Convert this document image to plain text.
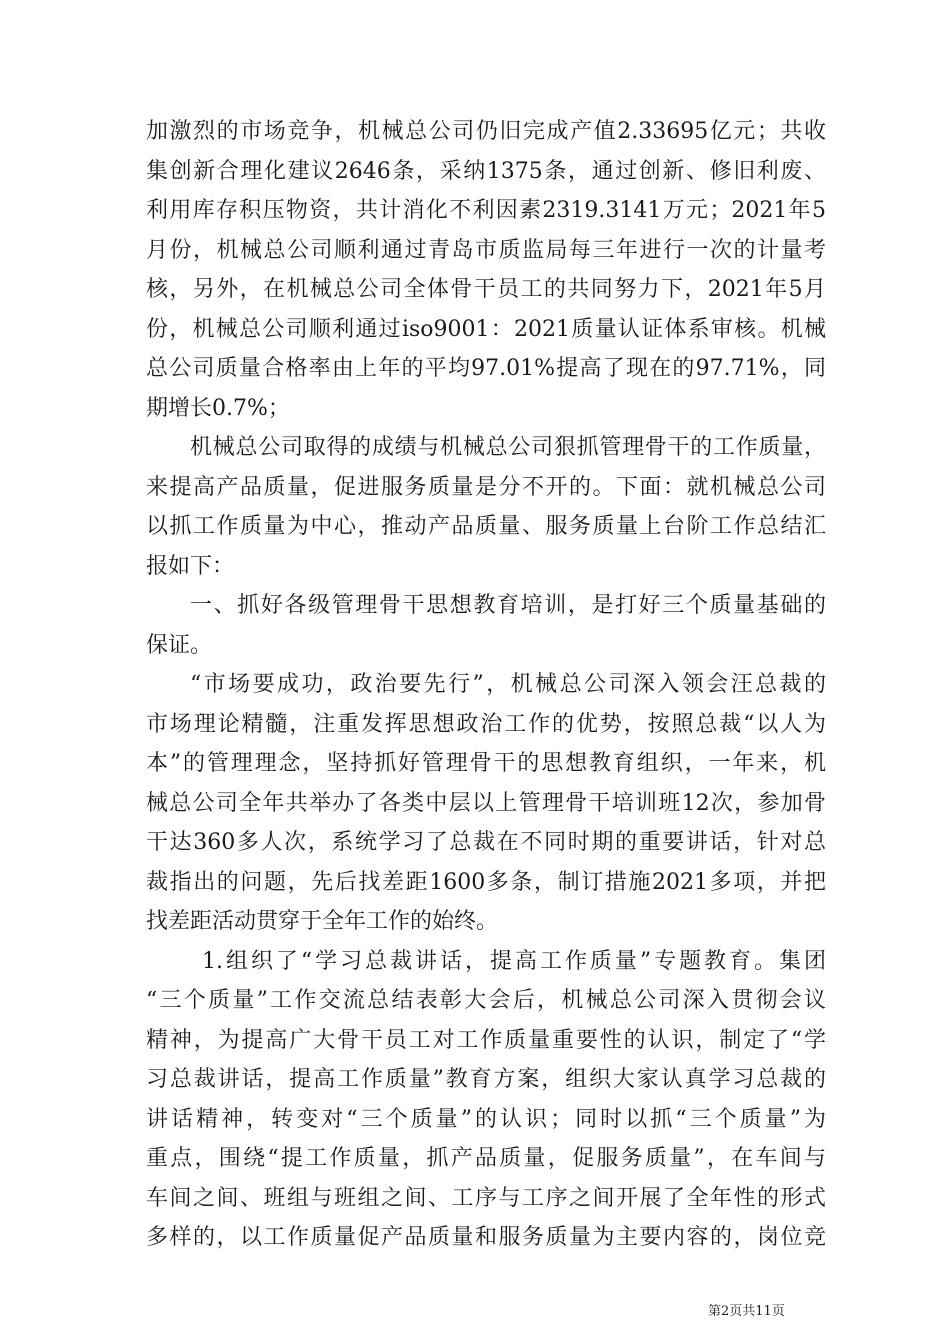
加激烈的市场竞争，机械总公司仍旧完成产值2.33695亿元；共收
集创新合理化建议2646条，采纳1375条，通过创新、修旧利废、
利用库存积压物资，共计消化不利因素2319.3141万元；2021年5
月份，机械总公司顺利通过青岛市质监局每三年进行一次的计量考
核，另外，在机械总公司全体骨干员工的共同努力下，2021年5月
份，机械总公司顺利通过iso9001：2021质量认证体系审核。机械
总公司质量合格率由上年的平均97.01%提高了现在的97.71%，同
期增长0.7%；
机械总公司取得的成绩与机械总公司狠抓管理骨干的工作质量，
来提高产品质量，促进服务质量是分不开的。下面：就机械总公司
以抓工作质量为中心，推动产品质量、服务质量上台阶工作总结汇
报如下：
一、抓好各级管理骨干思想教育培训，是打好三个质量基础的
保证。
“市场要成功，政治要先行”，机械总公司深入领会汪总裁的
市场理论精髓，注重发挥思想政治工作的优势，按照总裁“以人为
本”的管理理念，坚持抓好管理骨干的思想教育组织，一年来，机
械总公司全年共举办了各类中层以上管理骨干培训班12次，参加骨
干达360多人次，系统学习了总裁在不同时期的重要讲话，针对总
裁指出的问题，先后找差距1600多条，制订措施2021多项，并把
找差距活动贯穿于全年工作的始终。
1.组织了“学习总裁讲话，提高工作质量”专题教育。集团
“三个质量”工作交流总结表彰大会后，机械总公司深入贯彻会议
精神，为提高广大骨干员工对工作质量重要性的认识，制定了“学
习总裁讲话，提高工作质量”教育方案，组织大家认真学习总裁的
讲话精神，转变对“三个质量”的认识；同时以抓“三个质量”为
重点，围绕“提工作质量，抓产品质量，促服务质量”，在车间与
车间之间、班组与班组之间、工序与工序之间开展了全年性的形式
多样的，以工作质量促产品质量和服务质量为主要内容的，岗位竞
第2页共11页
